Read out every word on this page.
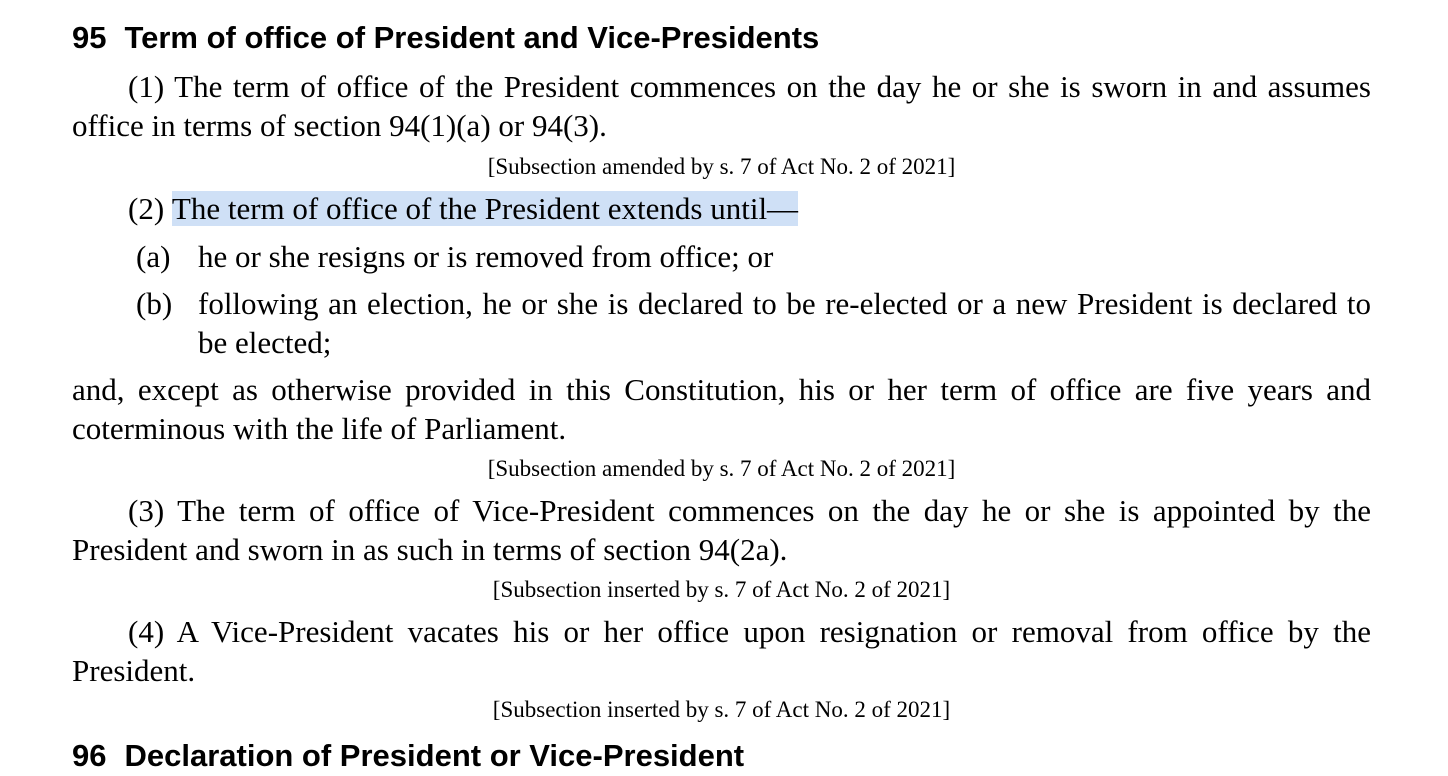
95 Term of office of President and Vice-Presidents
(1) The term of office of the President commences on the day he or she is sworn in and assumes office in terms of section 94(1)(a) or 94(3).
[Subsection amended by s. 7 of Act No. 2 of 2021]
(2) The term of office of the President extends until—
(a) he or she resigns or is removed from office; or
(b) following an election, he or she is declared to be re-elected or a new President is declared to be elected;
and, except as otherwise provided in this Constitution, his or her term of office are five years and coterminous with the life of Parliament.
[Subsection amended by s. 7 of Act No. 2 of 2021]
(3) The term of office of Vice-President commences on the day he or she is appointed by the President and sworn in as such in terms of section 94(2a).
[Subsection inserted by s. 7 of Act No. 2 of 2021]
(4) A Vice-President vacates his or her office upon resignation or removal from office by the President.
[Subsection inserted by s. 7 of Act No. 2 of 2021]
96 Declaration of President or Vice-President
